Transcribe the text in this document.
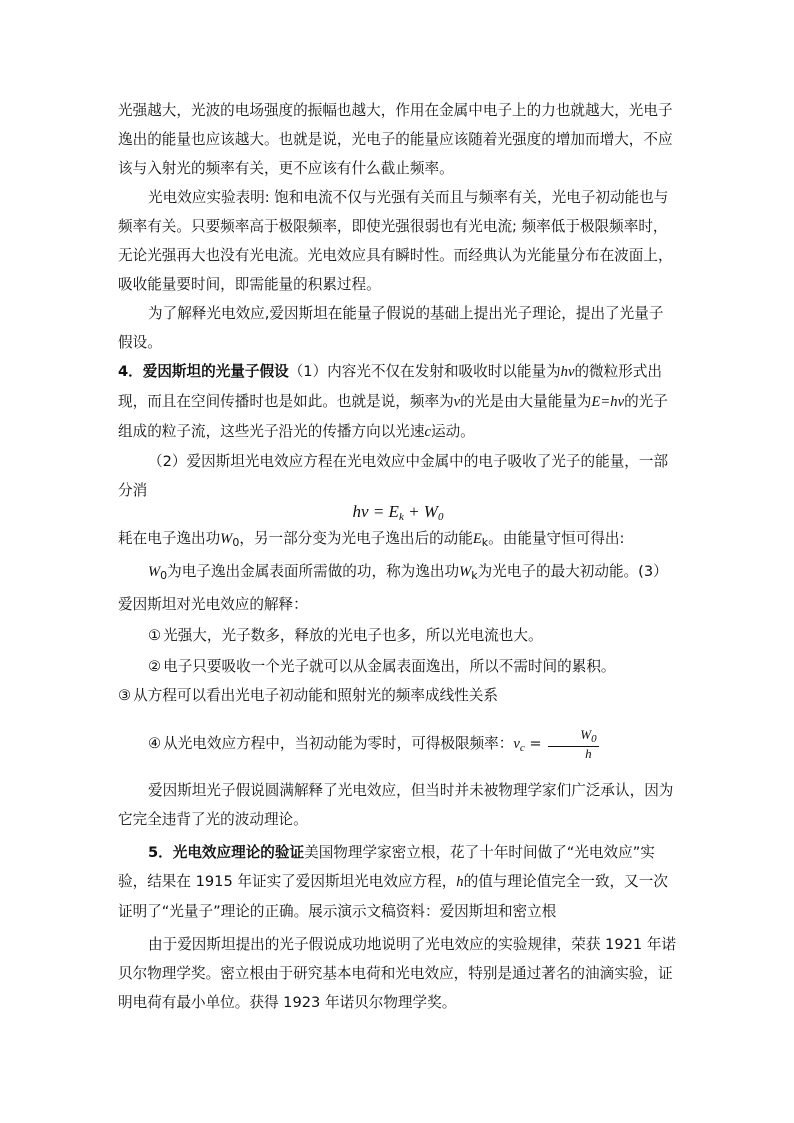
光强越大，光波的电场强度的振幅也越大，作用在金属中电子上的力也就越大，光电子逸出的能量也应该越大。也就是说，光电子的能量应该随着光强度的增加而增大，不应该与入射光的频率有关，更不应该有什么截止频率。

光电效应实验表明: 饱和电流不仅与光强有关而且与频率有关，光电子初动能也与频率有关。只要频率高于极限频率，即使光强很弱也有光电流; 频率低于极限频率时，无论光强再大也没有光电流。光电效应具有瞬时性。而经典认为光能量分布在波面上，吸收能量要时间，即需能量的积累过程。

为了解释光电效应,爱因斯坦在能量子假说的基础上提出光子理论，提出了光量子假设。

4．爱因斯坦的光量子假设（1）内容光不仅在发射和吸收时以能量为hν的微粒形式出现，而且在空间传播时也是如此。也就是说，频率为ν的光是由大量能量为E=hν的光子组成的粒子流，这些光子沿光的传播方向以光速c运动。

（2）爱因斯坦光电效应方程在光电效应中金属中的电子吸收了光子的能量，一部分消

$h\nu = E_k + W_0$

耗在电子逸出功$W_0$，另一部分变为光电子逸出后的动能$E_k$。由能量守恒可得出:

$W_0$为电子逸出金属表面所需做的功，称为逸出功$W_k$为光电子的最大初动能。(3）爱因斯坦对光电效应的解释：

① 光强大，光子数多，释放的光电子也多，所以光电流也大。

② 电子只要吸收一个光子就可以从金属表面逸出，所以不需时间的累积。③ 从方程可以看出光电子初动能和照射光的频率成线性关系

④ 从光电效应方程中，当初动能为零时，可得极限频率：$\nu_c = \frac{W_0}{h}$

爱因斯坦光子假说圆满解释了光电效应，但当时并未被物理学家们广泛承认，因为它完全违背了光的波动理论。

5．光电效应理论的验证美国物理学家密立根，花了十年时间做了“光电效应”实验，结果在 1915 年证实了爱因斯坦光电效应方程，h的值与理论值完全一致，又一次证明了“光量子”理论的正确。展示演示文稿资料：爱因斯坦和密立根

由于爱因斯坦提出的光子假说成功地说明了光电效应的实验规律，荣获 1921 年诺贝尔物理学奖。密立根由于研究基本电荷和光电效应，特别是通过著名的油滴实验，证明电荷有最小单位。获得 1923 年诺贝尔物理学奖。
